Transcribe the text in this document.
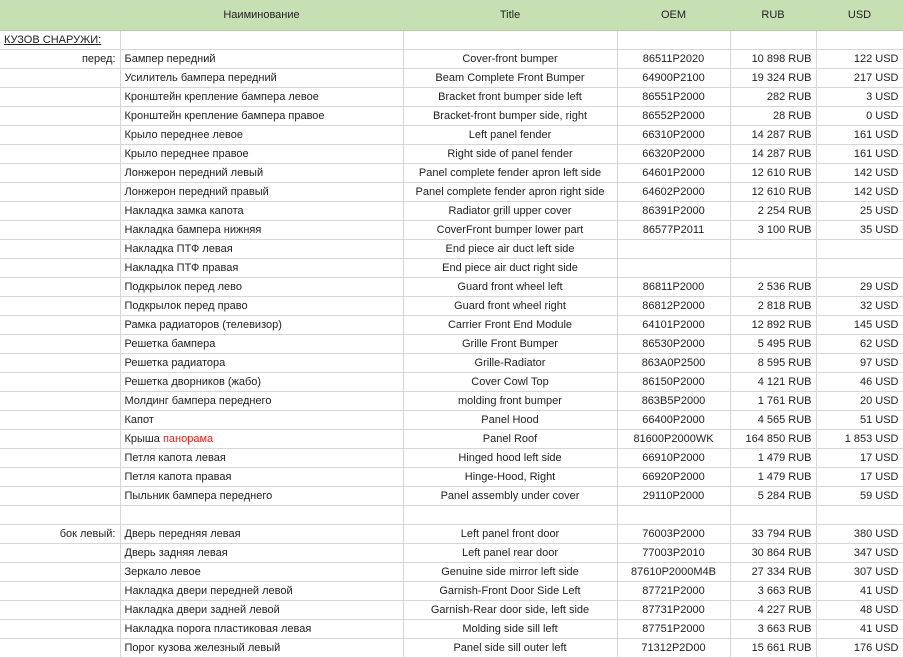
	Наиминование	Title	OEM	RUB	USD
КУЗОВ СНАРУЖИ:					
перед:	Бампер передний	Cover-front bumper	86511P2020	10 898 RUB	122 USD
	Усилитель бампера передний	Beam Complete Front Bumper	64900P2100	19 324 RUB	217 USD
	Кронштейн крепление бампера левое	Bracket front bumper side left	86551P2000	282 RUB	3 USD
	Кронштейн крепление бампера правое	Bracket-front bumper side, right	86552P2000	28 RUB	0 USD
	Крыло переднее левое	Left panel fender	66310P2000	14 287 RUB	161 USD
	Крыло переднее правое	Right side of panel fender	66320P2000	14 287 RUB	161 USD
	Лонжерон передний левый	Panel complete fender apron left side	64601P2000	12 610 RUB	142 USD
	Лонжерон передний правый	Panel complete fender apron right side	64602P2000	12 610 RUB	142 USD
	Накладка замка капота	Radiator grill upper cover	86391P2000	2 254 RUB	25 USD
	Накладка бампера нижняя	CoverFront bumper lower part	86577P2011	3 100 RUB	35 USD
	Накладка ПТФ левая	End piece air duct left side			
	Накладка ПТФ правая	End piece air duct right side			
	Подкрылок перед лево	Guard front wheel left	86811P2000	2 536 RUB	29 USD
	Подкрылок перед право	Guard front wheel right	86812P2000	2 818 RUB	32 USD
	Рамка радиаторов (телевизор)	Carrier Front End Module	64101P2000	12 892 RUB	145 USD
	Решетка бампера	Grille Front Bumper	86530P2000	5 495 RUB	62 USD
	Решетка радиатора	Grille-Radiator	863A0P2500	8 595 RUB	97 USD
	Решетка дворников (жабо)	Cover Cowl Top	86150P2000	4 121 RUB	46 USD
	Молдинг бампера переднего	molding front bumper	863B5P2000	1 761 RUB	20 USD
	Капот	Panel Hood	66400P2000	4 565 RUB	51 USD
	Крыша панорама	Panel Roof	81600P2000WK	164 850 RUB	1 853 USD
	Петля капота левая	Hinged hood left side	66910P2000	1 479 RUB	17 USD
	Петля капота правая	Hinge-Hood, Right	66920P2000	1 479 RUB	17 USD
	Пыльник бампера переднего	Panel assembly under cover	29110P2000	5 284 RUB	59 USD

бок левый:	Дверь передняя левая	Left panel front door	76003P2000	33 794 RUB	380 USD
	Дверь задняя левая	Left panel rear door	77003P2010	30 864 RUB	347 USD
	Зеркало левое	Genuine side mirror left side	87610P2000M4B	27 334 RUB	307 USD
	Накладка двери передней левой	Garnish-Front Door Side Left	87721P2000	3 663 RUB	41 USD
	Накладка двери задней левой	Garnish-Rear door side, left side	87731P2000	4 227 RUB	48 USD
	Накладка порога пластиковая левая	Molding side sill left	87751P2000	3 663 RUB	41 USD
	Порог кузова железный левый	Panel side sill outer left	71312P2D00	15 661 RUB	176 USD
